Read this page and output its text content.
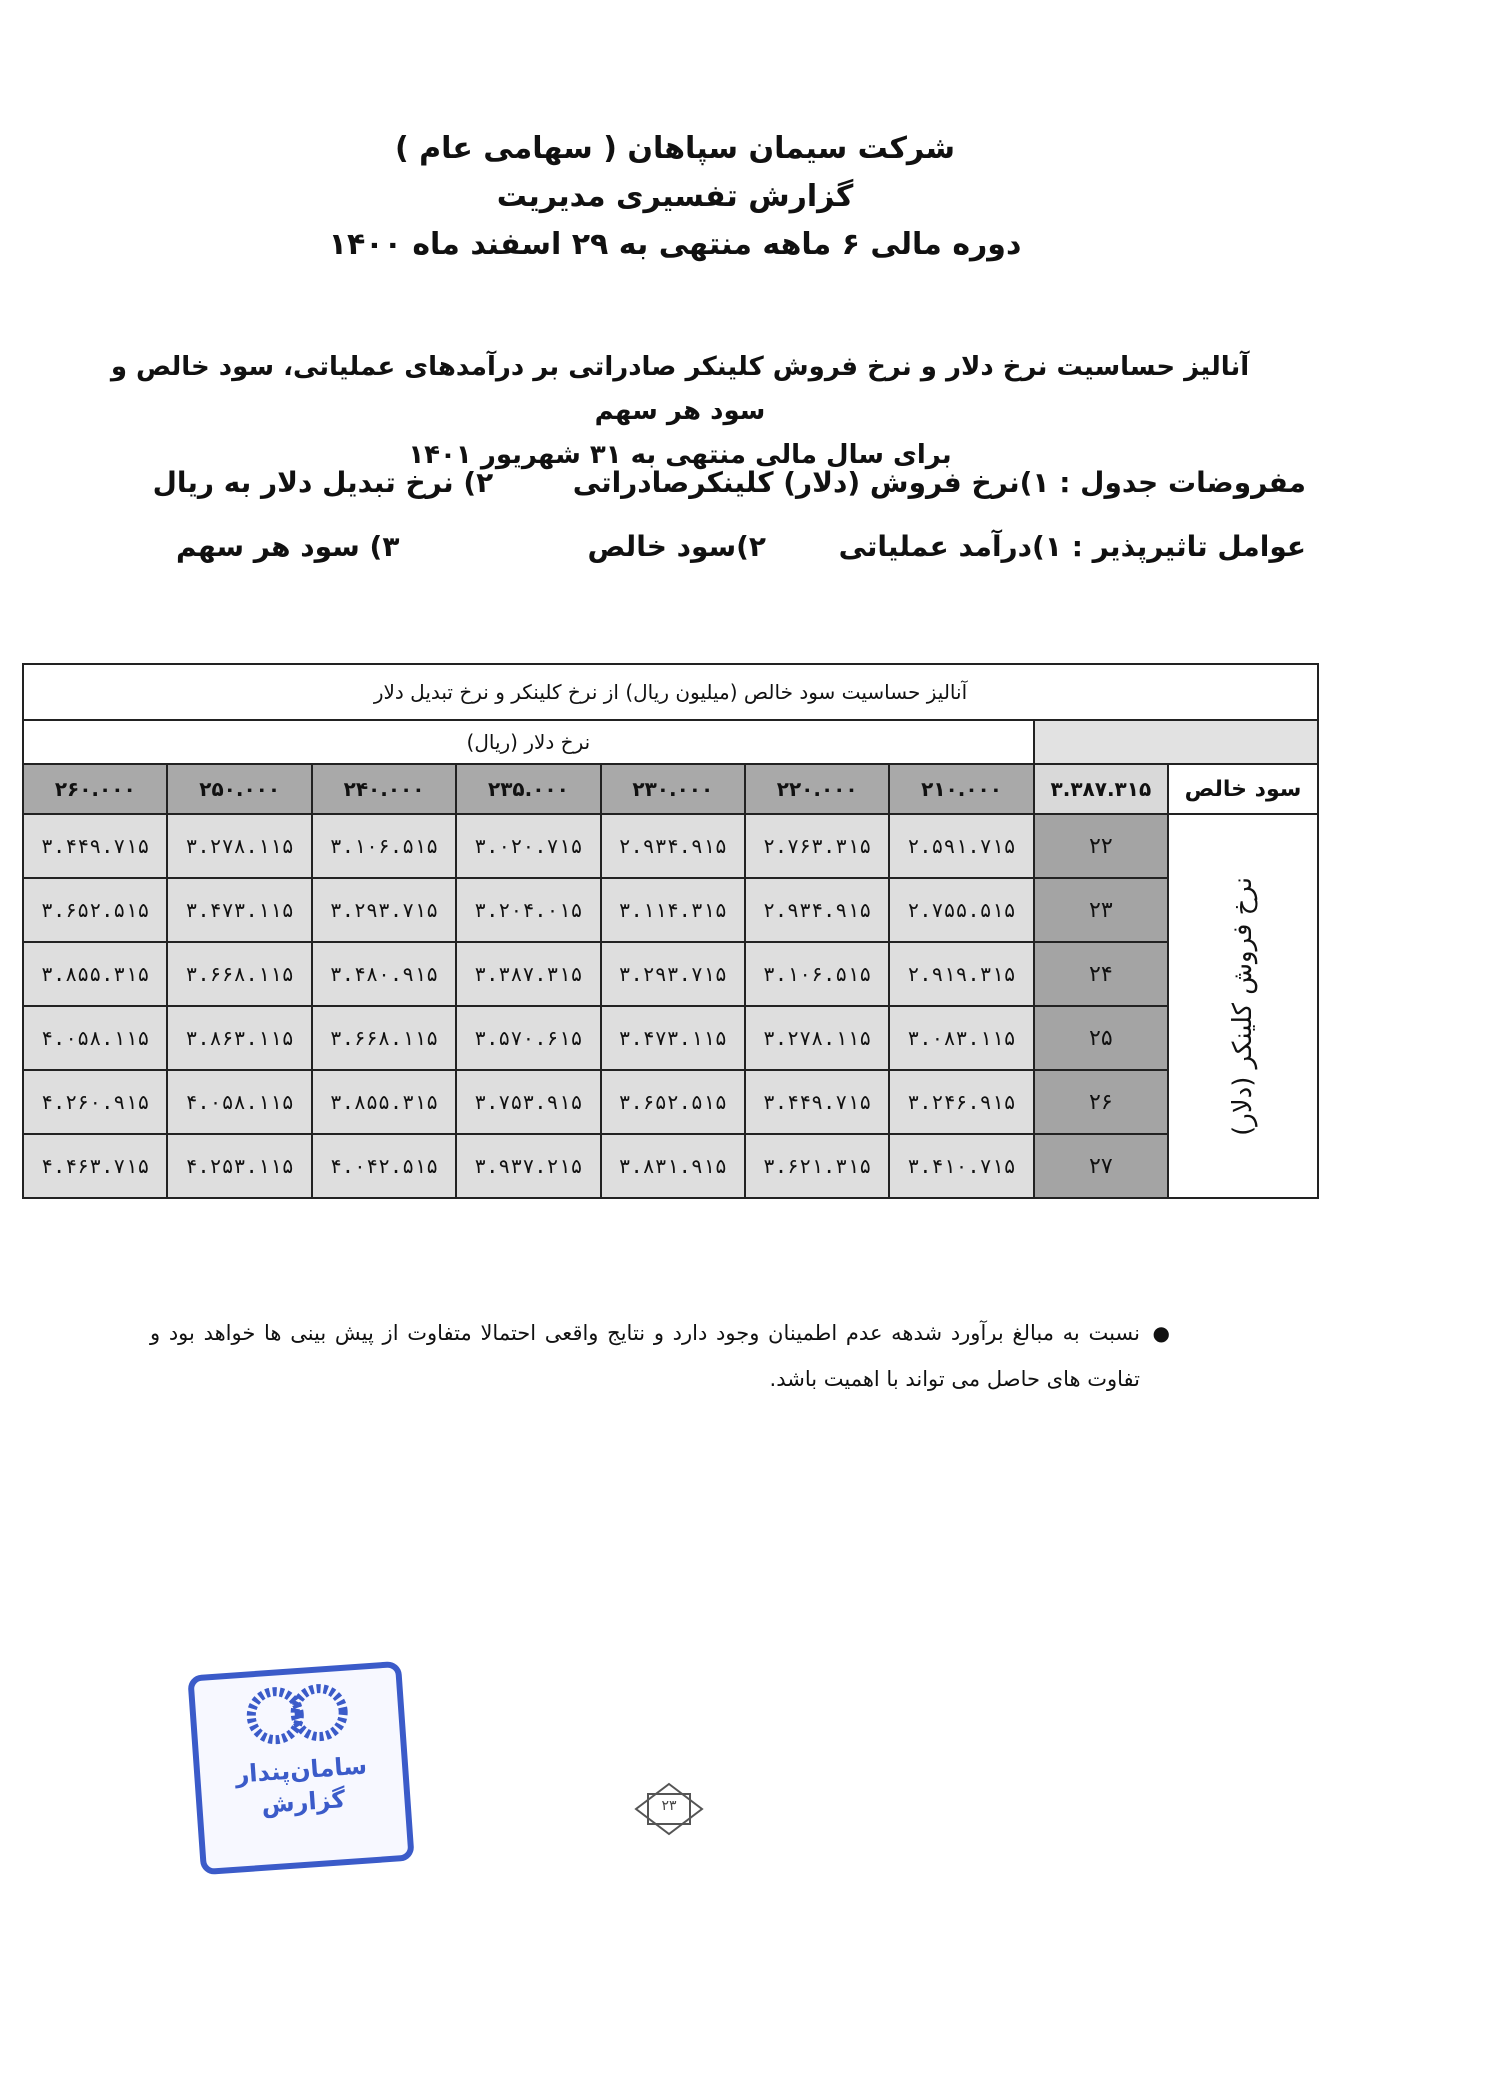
شرکت سیمان سپاهان ( سهامی عام )
گزارش تفسیری مدیریت
دوره مالی ۶ ماهه منتهی به ۲۹ اسفند ماه ۱۴۰۰
آنالیز حساسیت نرخ دلار و نرخ فروش کلینکر صادراتی بر درآمدهای عملیاتی، سود خالص و سود هر سهم
برای سال مالی منتهی به ۳۱ شهریور ۱۴۰۱
مفروضات جدول : ۱)نرخ فروش (دلار) کلینکرصادراتی  ۲) نرخ تبدیل دلار به ریال
عوامل تاثیرپذیر : ۱)درآمد عملیاتی
۲)سود خالص
۳) سود هر سهم
آنالیز حساسیت سود خالص (میلیون ریال) از نرخ کلینکر و نرخ تبدیل دلار								
		نرخ دلار (ریال)						
سود خالص	۳.۳۸۷.۳۱۵	۲۱۰.۰۰۰	۲۲۰.۰۰۰	۲۳۰.۰۰۰	۲۳۵.۰۰۰	۲۴۰.۰۰۰	۲۵۰.۰۰۰	۲۶۰.۰۰۰

نرخ فروش کلینکر (دلار)	۲۲	۲.۵۹۱.۷۱۵	۲.۷۶۳.۳۱۵	۲.۹۳۴.۹۱۵	۳.۰۲۰.۷۱۵	۳.۱۰۶.۵۱۵	۳.۲۷۸.۱۱۵	۳.۴۴۹.۷۱۵
	۲۳	۲.۷۵۵.۵۱۵	۲.۹۳۴.۹۱۵	۳.۱۱۴.۳۱۵	۳.۲۰۴.۰۱۵	۳.۲۹۳.۷۱۵	۳.۴۷۳.۱۱۵	۳.۶۵۲.۵۱۵
	۲۴	۲.۹۱۹.۳۱۵	۳.۱۰۶.۵۱۵	۳.۲۹۳.۷۱۵	۳.۳۸۷.۳۱۵	۳.۴۸۰.۹۱۵	۳.۶۶۸.۱۱۵	۳.۸۵۵.۳۱۵
	۲۵	۳.۰۸۳.۱۱۵	۳.۲۷۸.۱۱۵	۳.۴۷۳.۱۱۵	۳.۵۷۰.۶۱۵	۳.۶۶۸.۱۱۵	۳.۸۶۳.۱۱۵	۴.۰۵۸.۱۱۵
	۲۶	۳.۲۴۶.۹۱۵	۳.۴۴۹.۷۱۵	۳.۶۵۲.۵۱۵	۳.۷۵۳.۹۱۵	۳.۸۵۵.۳۱۵	۴.۰۵۸.۱۱۵	۴.۲۶۰.۹۱۵
	۲۷	۳.۴۱۰.۷۱۵	۳.۶۲۱.۳۱۵	۳.۸۳۱.۹۱۵	۳.۹۳۷.۲۱۵	۴.۰۴۲.۵۱۵	۴.۲۵۳.۱۱۵	۴.۴۶۳.۷۱۵
●
نسبت به مبالغ برآورد شدهه عدم اطمینان وجود دارد و نتایج واقعی احتمالا متفاوت از پیش بینی ها خواهد بود و تفاوت های حاصل می تواند با اهمیت باشد.
سامان‌پندار
گزارش	۲۳
